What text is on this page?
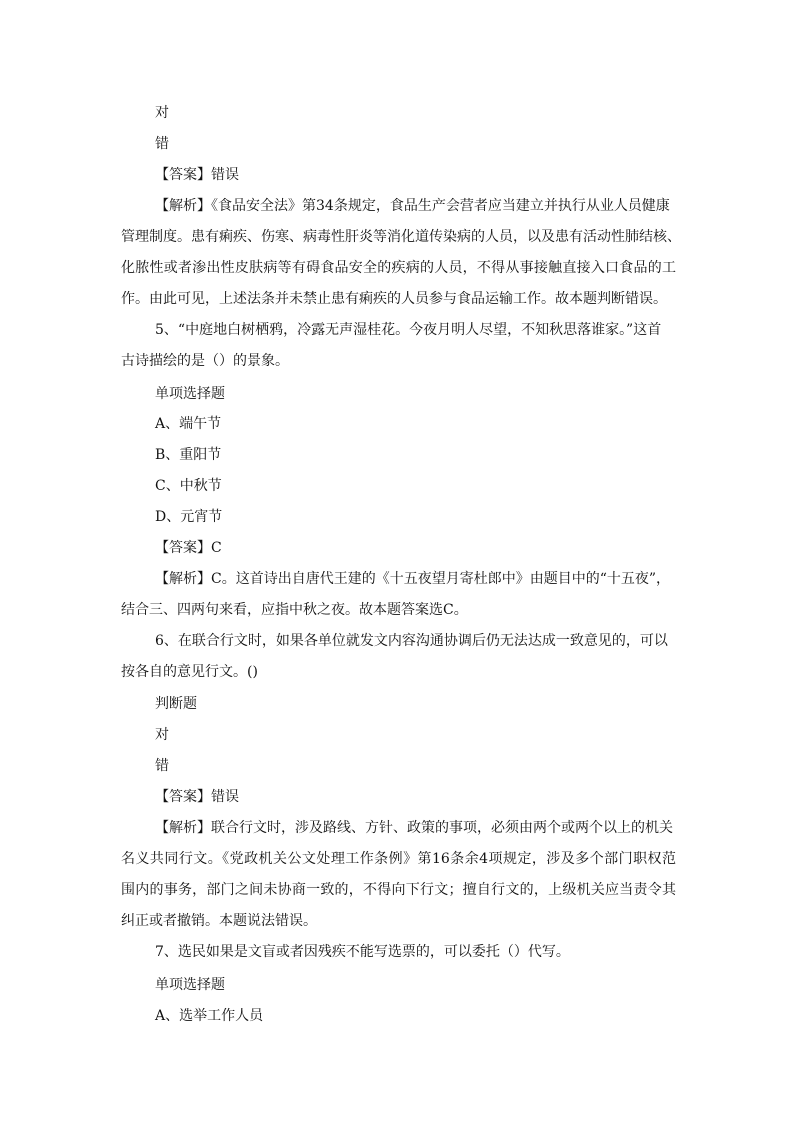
对
错
【答案】错误
【解析】《食品安全法》第34条规定，食品生产会营者应当建立并执行从业人员健康
管理制度。患有痢疾、伤寒、病毒性肝炎等消化道传染病的人员，以及患有活动性肺结核、
化脓性或者渗出性皮肤病等有碍食品安全的疾病的人员，不得从事接触直接入口食品的工
作。由此可见，上述法条并未禁止患有痢疾的人员参与食品运输工作。故本题判断错误。
5、“中庭地白树栖鸦，冷露无声湿桂花。今夜月明人尽望，不知秋思落谁家。”这首
古诗描绘的是（）的景象。
单项选择题
A、端午节
B、重阳节
C、中秋节
D、元宵节
【答案】C
【解析】C。这首诗出自唐代王建的《十五夜望月寄杜郎中》由题目中的“十五夜”，
结合三、四两句来看，应指中秋之夜。故本题答案选C。
6、在联合行文时，如果各单位就发文内容沟通协调后仍无法达成一致意见的，可以
按各自的意见行文。()
判断题
对
错
【答案】错误
【解析】联合行文时，涉及路线、方针、政策的事项，必须由两个或两个以上的机关
名义共同行文。《党政机关公文处理工作条例》第16条余4项规定，涉及多个部门职权范
围内的事务，部门之间未协商一致的，不得向下行文；擅自行文的，上级机关应当责令其
纠正或者撤销。本题说法错误。
7、选民如果是文盲或者因残疾不能写选票的，可以委托（）代写。
单项选择题
A、选举工作人员
